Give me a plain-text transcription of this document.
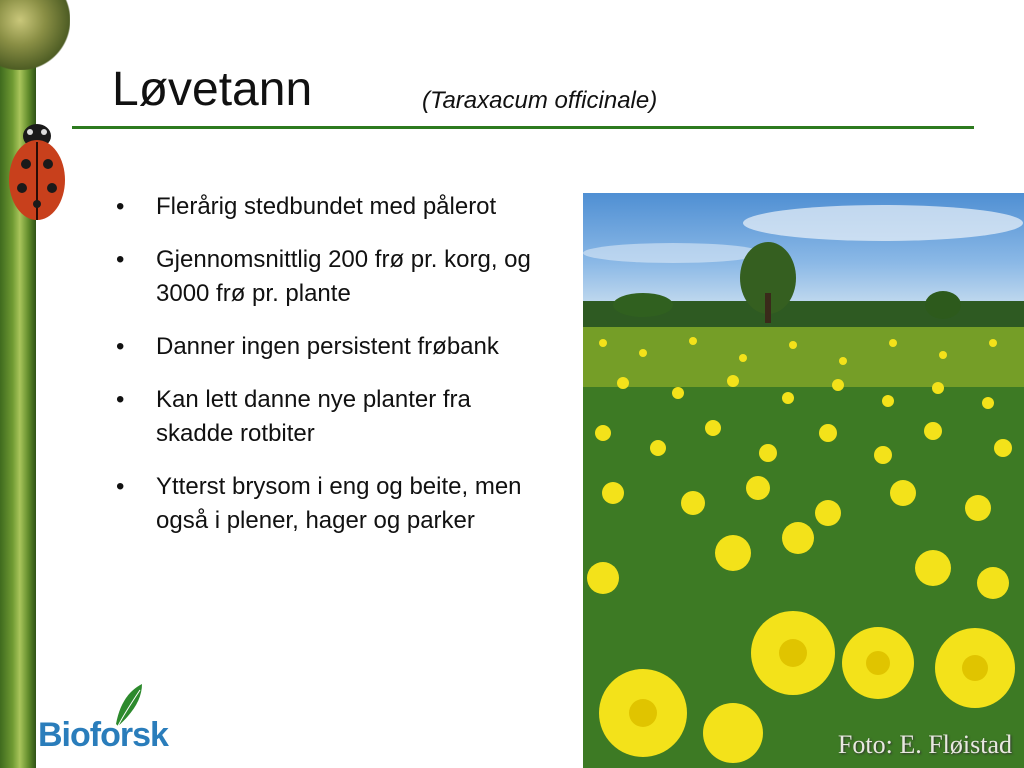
Løvetann	(Taraxacum officinale)
• Flerårig stedbundet med pålerot
• Gjennomsnittlig 200 frø pr. korg, og 3000 frø pr. plante
• Danner ingen persistent frøbank
• Kan lett danne nye planter fra skadde rotbiter
• Ytterst brysom i eng og beite, men også i plener, hager og parker
Foto: E. Fløistad
Bioforsk
